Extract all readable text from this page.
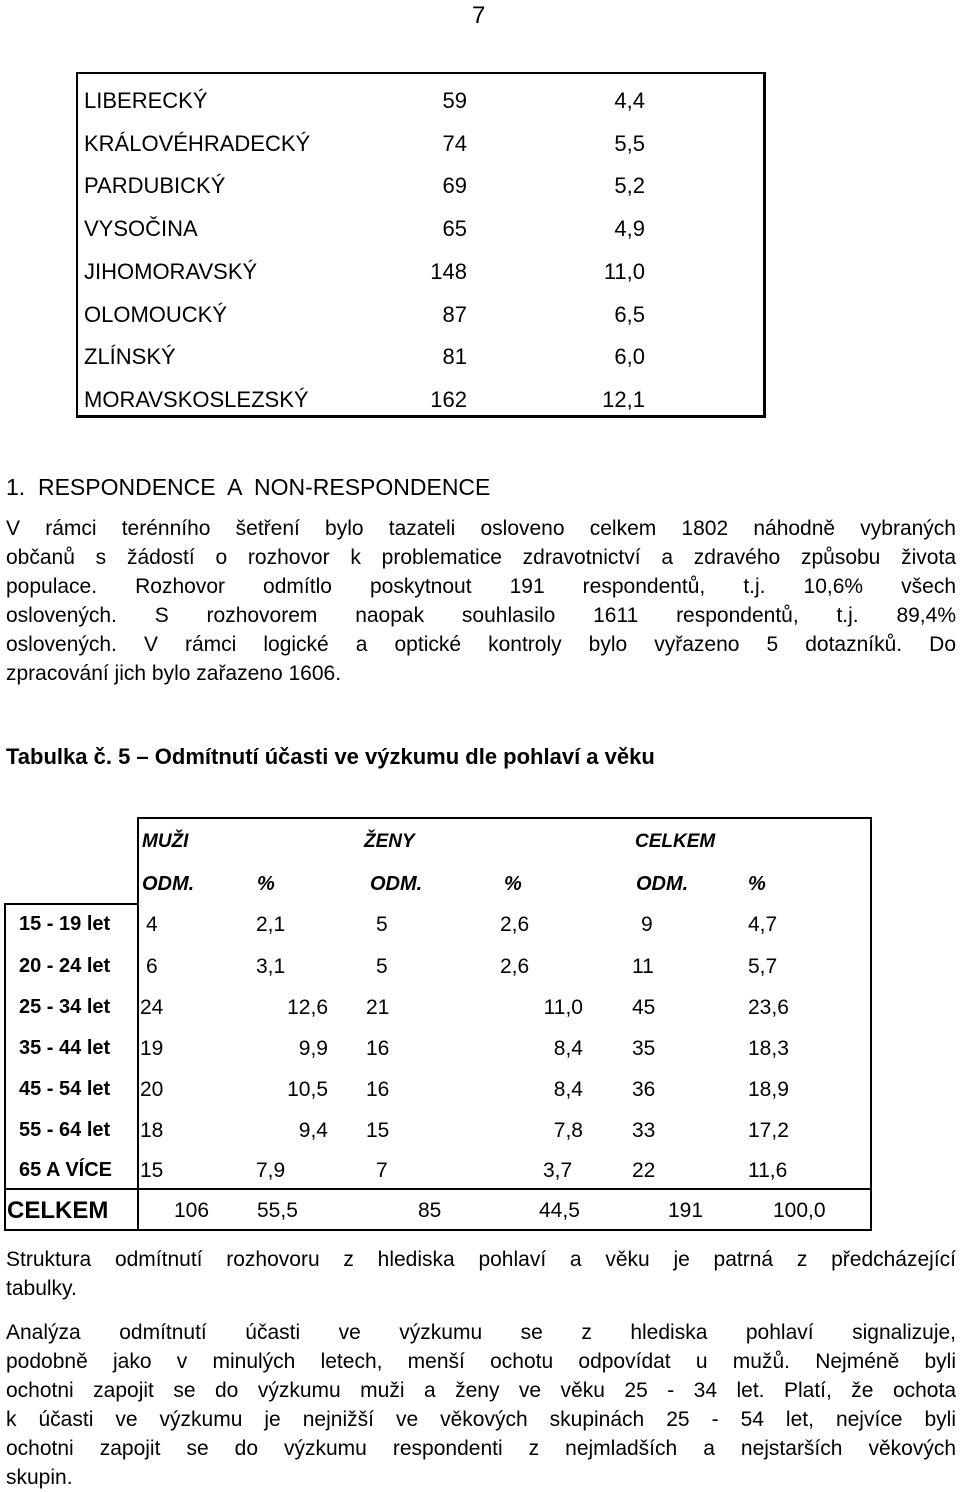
7
LIBERECKÝ	59	4,4
KRÁLOVÉHRADECKÝ	74	5,5
PARDUBICKÝ	69	5,2
VYSOČINA	65	4,9
JIHOMORAVSKÝ	148	11,0
OLOMOUCKÝ	87	6,5
ZLÍNSKÝ	81	6,0
MORAVSKOSLEZSKÝ	162	12,1
1.  RESPONDENCE  A  NON-RESPONDENCE
V rámci terénního šetření bylo tazateli osloveno celkem 1802 náhodně vybraných
občanů s žádostí o rozhovor k problematice zdravotnictví a zdravého způsobu života
populace. Rozhovor odmítlo poskytnout 191 respondentů, t.j. 10,6% všech
oslovených. S rozhovorem naopak souhlasilo 1611 respondentů, t.j. 89,4%
oslovených. V rámci logické a optické kontroly bylo vyřazeno 5 dotazníků. Do
zpracování jich bylo zařazeno 1606.
Tabulka č. 5 – Odmítnutí účasti ve výzkumu dle pohlaví a věku
MUŽI	ŽENY	CELKEM
ODM.	%	ODM.	%	ODM.	%
15 - 19 let 4	2,1	5	2,6	9	4,7
20 - 24 let 6	3,1	5	2,6	11	5,7
25 - 34 let 24	12,6 21	11,0 45	23,6
35 - 44 let 19	9,9 16	8,4 35	18,3
45 - 54 let 20	10,5 16	8,4 36	18,9
55 - 64 let 18	9,4 15	7,8 33	17,2
65 A VÍCE 15	7,9	7	3,7	22	11,6
CELKEM	106 55,5	85	44,5	191	100,0
Struktura odmítnutí rozhovoru z hlediska pohlaví a věku je patrná z předcházející
tabulky.
Analýza odmítnutí účasti ve výzkumu se z hlediska pohlaví signalizuje,
podobně jako v minulých letech, menší ochotu odpovídat u mužů. Nejméně byli
ochotni zapojit se do výzkumu muži a ženy ve věku 25 - 34 let. Platí, že ochota
k účasti ve výzkumu je nejnižší ve věkových skupinách 25 - 54 let, nejvíce byli
ochotni zapojit se do výzkumu respondenti z nejmladších a nejstarších věkových
skupin.
